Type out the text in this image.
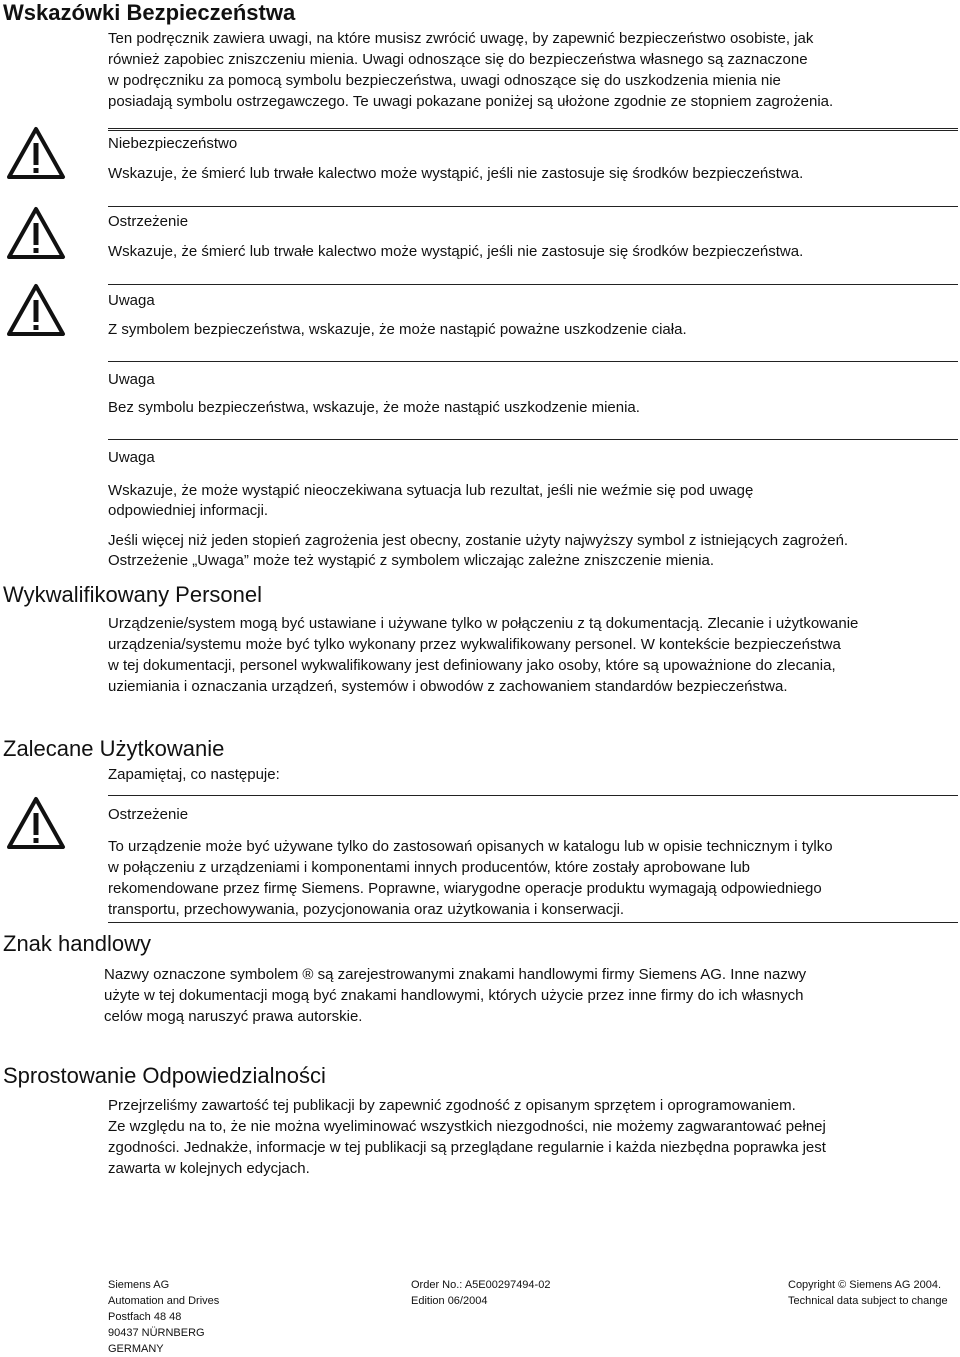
Wskazówki Bezpieczeństwa

Ten podręcznik zawiera uwagi, na które musisz zwrócić uwagę, by zapewnić bezpieczeństwo osobiste, jak

również zapobiec zniszczeniu mienia. Uwagi odnoszące się do bezpieczeństwa własnego są zaznaczone

w podręczniku za pomocą symbolu bezpieczeństwa, uwagi odnoszące się do uszkodzenia mienia nie

posiadają symbolu ostrzegawczego. Te uwagi pokazane poniżej są ułożone zgodnie ze stopniem zagrożenia.

Niebezpieczeństwo
Wskazuje, że śmierć lub trwałe kalectwo może wystąpić, jeśli nie zastosuje się środków bezpieczeństwa.
Ostrzeżenie
Wskazuje, że śmierć lub trwałe kalectwo może wystąpić, jeśli nie zastosuje się środków bezpieczeństwa.
Uwaga
Z symbolem bezpieczeństwa, wskazuje, że może nastąpić poważne uszkodzenie ciała.
Uwaga
Bez symbolu bezpieczeństwa, wskazuje, że może nastąpić uszkodzenie mienia.
Uwaga
Wskazuje, że może wystąpić nieoczekiwana sytuacja lub rezultat, jeśli nie weźmie się pod uwagę
odpowiedniej informacji.
Jeśli więcej niż jeden stopień zagrożenia jest obecny, zostanie użyty najwyższy symbol z istniejących zagrożeń.
Ostrzeżenie „Uwaga” może też wystąpić z symbolem wliczając zależne zniszczenie mienia.
Wykwalifikowany Personel

Urządzenie/system mogą być ustawiane i używane tylko w połączeniu z tą dokumentacją. Zlecanie i użytkowanie

urządzenia/systemu może być tylko wykonany przez wykwalifikowany personel. W kontekście bezpieczeństwa

w tej dokumentacji, personel wykwalifikowany jest definiowany jako osoby, które są upoważnione do zlecania,

uziemiania i oznaczania urządzeń, systemów i obwodów z zachowaniem standardów bezpieczeństwa.

Zalecane Użytkowanie
Zapamiętaj, co następuje:
Ostrzeżenie

To urządzenie może być używane tylko do zastosowań opisanych w katalogu lub w opisie technicznym i tylko

w połączeniu z urządzeniami i komponentami innych producentów, które zostały aprobowane lub

rekomendowane przez firmę Siemens. Poprawne, wiarygodne operacje produktu wymagają odpowiedniego

transportu, przechowywania, pozycjonowania oraz użytkowania i konserwacji.

Znak handlowy

Nazwy oznaczone symbolem ® są zarejestrowanymi znakami handlowymi firmy Siemens AG. Inne nazwy

użyte w tej dokumentacji mogą być znakami handlowymi, których użycie przez inne firmy do ich własnych

celów mogą naruszyć prawa autorskie.

Sprostowanie Odpowiedzialności

Przejrzeliśmy zawartość tej publikacji by zapewnić zgodność z opisanym sprzętem i oprogramowaniem.

Ze względu na to, że nie można wyeliminować wszystkich niezgodności, nie możemy zagwarantować pełnej

zgodności. Jednakże, informacje w tej publikacji są przeglądane regularnie i każda niezbędna poprawka jest

zawarta w kolejnych edycjach.

Siemens AG
Automation and Drives
Postfach 48 48
90437 NÜRNBERG
GERMANY
Order No.: A5E00297494-02
Edition 06/2004
Copyright © Siemens AG 2004.
Technical data subject to change
